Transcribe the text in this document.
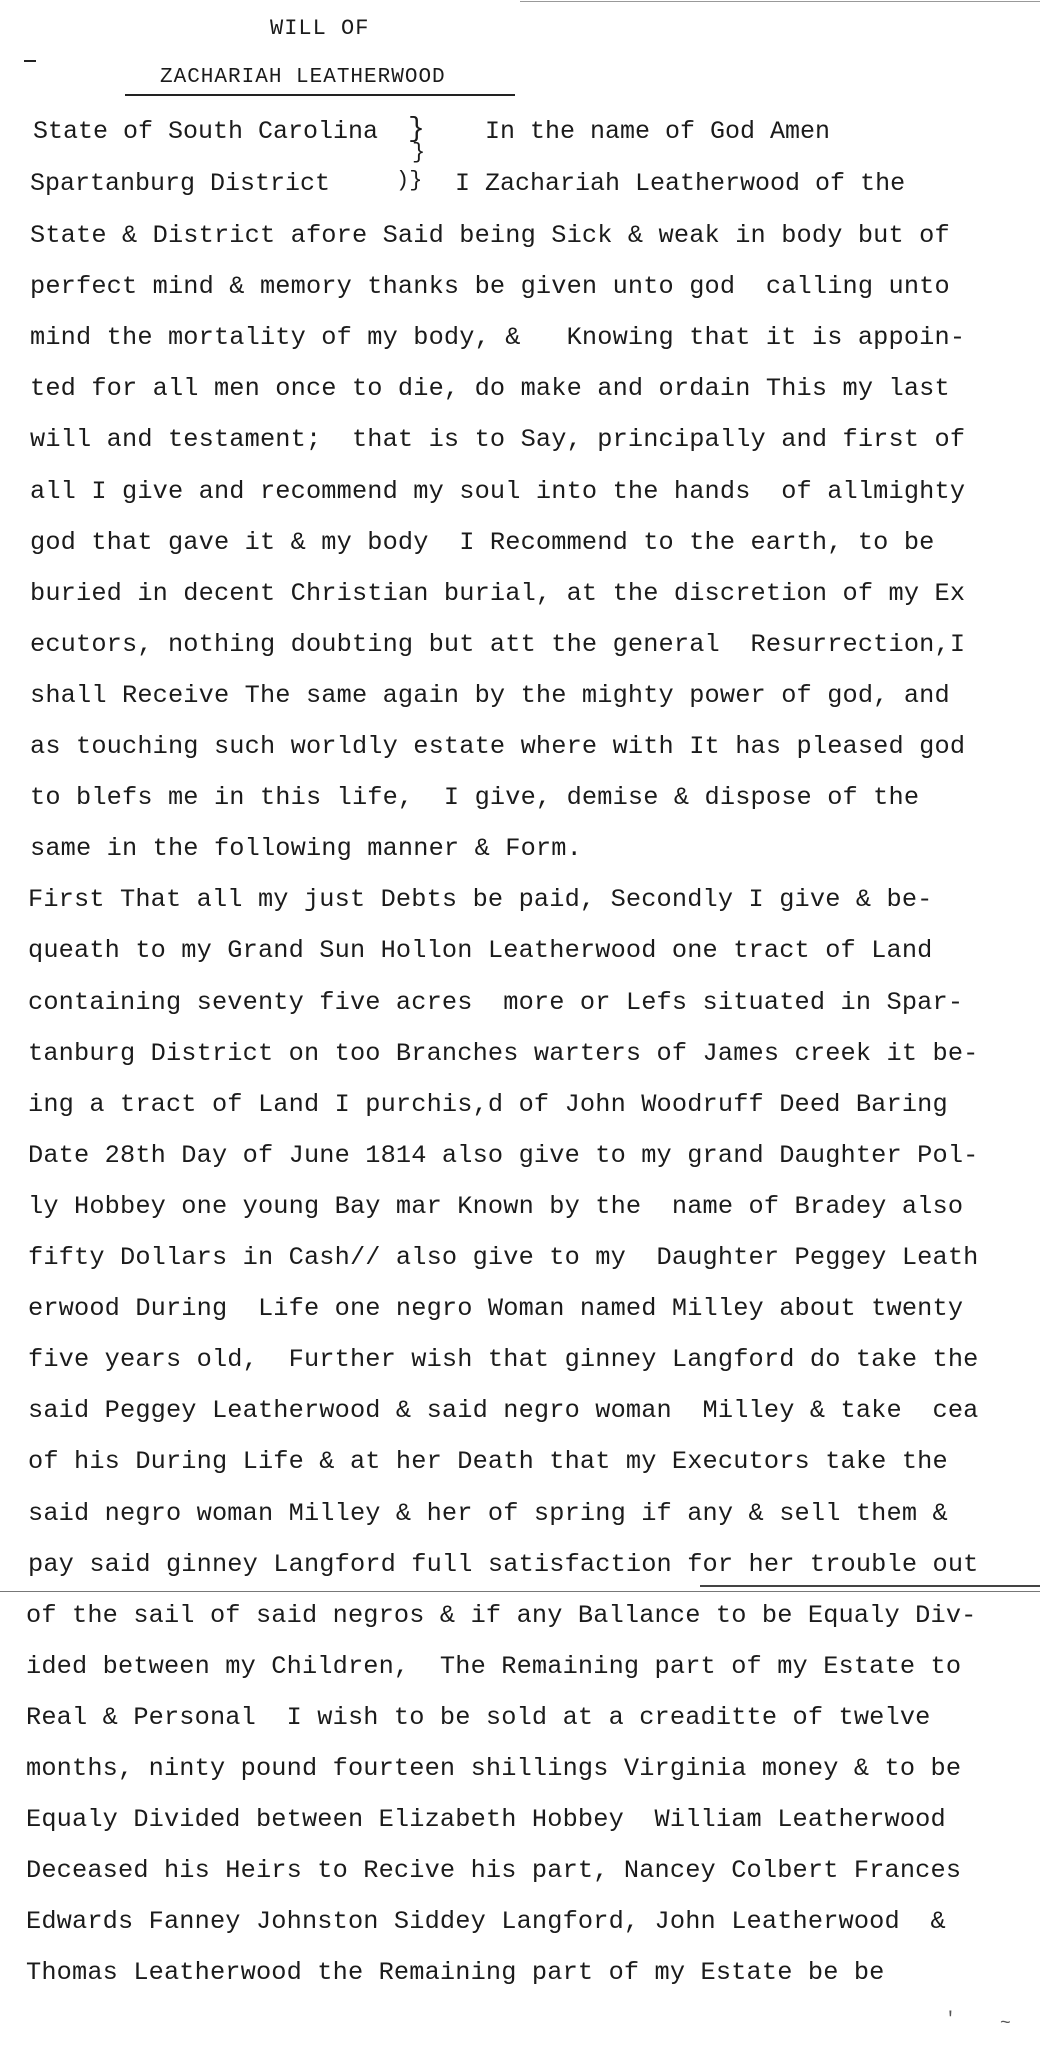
WILL OF
ZACHARIAH LEATHERWOOD
State of South Carolina
Spartanburg District
}
}
)}
In the name of God Amen
I Zachariah Leatherwood of the
State & District afore Said being Sick & weak in body but of
perfect mind & memory thanks be given unto god  calling unto
mind the mortality of my body, &   Knowing that it is appoin-
ted for all men once to die, do make and ordain This my last
will and testament;  that is to Say, principally and first of
all I give and recommend my soul into the hands  of allmighty
god that gave it & my body  I Recommend to the earth, to be
buried in decent Christian burial, at the discretion of my Ex
ecutors, nothing doubting but att the general  Resurrection,I
shall Receive The same again by the mighty power of god, and
as touching such worldly estate where with It has pleased god
to blefs me in this life,  I give, demise & dispose of the
same in the following manner & Form.
First That all my just Debts be paid, Secondly I give & be-
queath to my Grand Sun Hollon Leatherwood one tract of Land
containing seventy five acres  more or Lefs situated in Spar-
tanburg District on too Branches warters of James creek it be-
ing a tract of Land I purchis,d of John Woodruff Deed Baring
Date 28th Day of June 1814 also give to my grand Daughter Pol-
ly Hobbey one young Bay mar Known by the  name of Bradey also
fifty Dollars in Cash// also give to my  Daughter Peggey Leath
erwood During  Life one negro Woman named Milley about twenty
five years old,  Further wish that ginney Langford do take the
said Peggey Leatherwood & said negro woman  Milley & take  cea
of his During Life & at her Death that my Executors take the
said negro woman Milley & her of spring if any & sell them &
pay said ginney Langford full satisfaction for her trouble out
of the sail of said negros & if any Ballance to be Equaly Div-
ided between my Children,  The Remaining part of my Estate to
Real & Personal  I wish to be sold at a creaditte of twelve
months, ninty pound fourteen shillings Virginia money & to be
Equaly Divided between Elizabeth Hobbey  William Leatherwood
Deceased his Heirs to Recive his part, Nancey Colbert Frances
Edwards Fanney Johnston Siddey Langford, John Leatherwood  &
Thomas Leatherwood the Remaining part of my Estate be be
' ~
